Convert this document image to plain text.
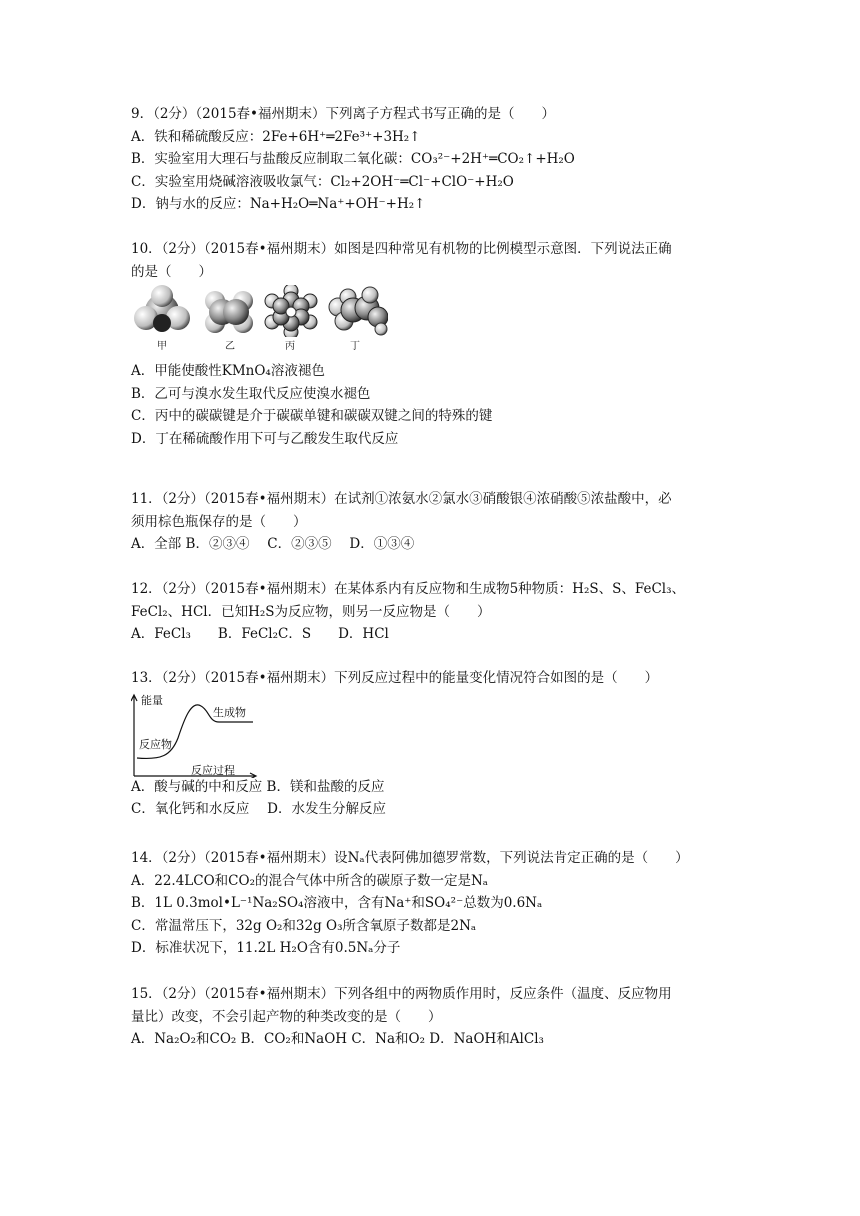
9．（2分）（2015春•福州期末）下列离子方程式书写正确的是（　　）
A．铁和稀硫酸反应：2Fe+6H⁺═2Fe³⁺+3H₂↑
B．实验室用大理石与盐酸反应制取二氧化碳：CO₃²⁻+2H⁺═CO₂↑+H₂O
C．实验室用烧碱溶液吸收氯气：Cl₂+2OH⁻═Cl⁻+ClO⁻+H₂O
D．钠与水的反应：Na+H₂O═Na⁺+OH⁻+H₂↑
10．（2分）（2015春•福州期末）如图是四种常见有机物的比例模型示意图．下列说法正确
的是（　　）
甲	乙	丙	丁
A．甲能使酸性KMnO₄溶液褪色
B．乙可与溴水发生取代反应使溴水褪色
C．丙中的碳碳键是介于碳碳单键和碳碳双键之间的特殊的键
D．丁在稀硫酸作用下可与乙酸发生取代反应
11．（2分）（2015春•福州期末）在试剂①浓氨水②氯水③硝酸银④浓硝酸⑤浓盐酸中，必
须用棕色瓶保存的是（　　）
A．全部 B．②③④　 C．②③⑤　 D．①③④
12．（2分）（2015春•福州期末）在某体系内有反应物和生成物5种物质：H₂S、S、FeCl₃、
FeCl₂、HCl．已知H₂S为反应物，则另一反应物是（　　）
A．FeCl₃　　B．FeCl₂C．S　　D．HCl
13．（2分）（2015春•福州期末）下列反应过程中的能量变化情况符合如图的是（　　）
能量
生成物
反应物
反应过程
A．酸与碱的中和反应 B．镁和盐酸的反应
C．氧化钙和水反应　 D．水发生分解反应
14．（2分）（2015春•福州期末）设Nₐ代表阿佛加德罗常数，下列说法肯定正确的是（　　）
A．22.4LCO和CO₂的混合气体中所含的碳原子数一定是Nₐ
B．1L 0.3mol•L⁻¹Na₂SO₄溶液中，含有Na⁺和SO₄²⁻总数为0.6Nₐ
C．常温常压下，32g O₂和32g O₃所含氧原子数都是2Nₐ
D．标准状况下，11.2L H₂O含有0.5Nₐ分子
15．（2分）（2015春•福州期末）下列各组中的两物质作用时，反应条件（温度、反应物用
量比）改变，不会引起产物的种类改变的是（　　）
A．Na₂O₂和CO₂ B．CO₂和NaOH C．Na和O₂ D．NaOH和AlCl₃
